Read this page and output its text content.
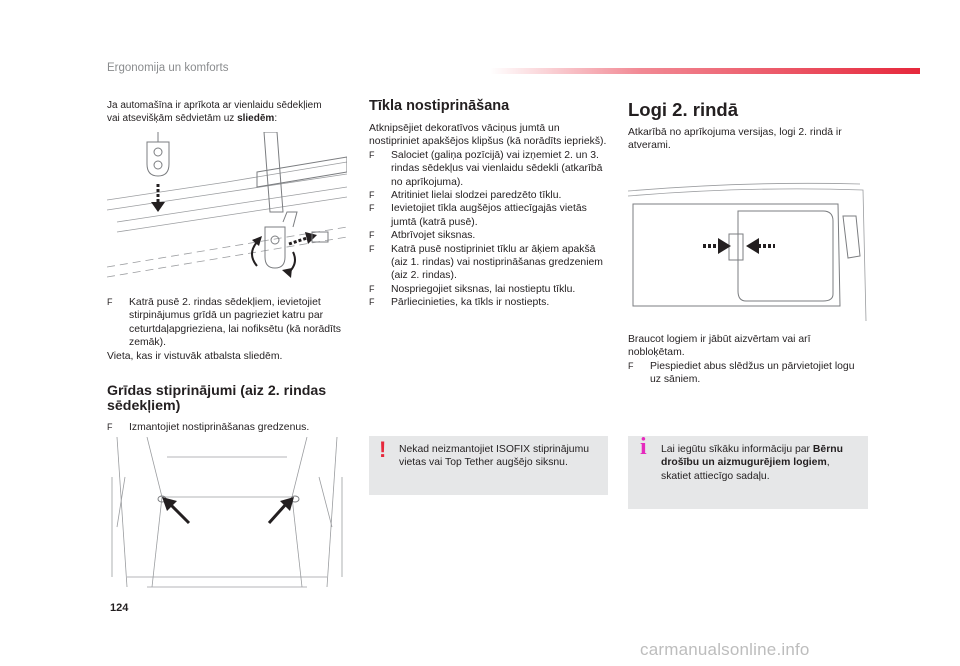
Ergonomija un komforts

Ja automašīna ir aprīkota ar vienlaidu sēdekļiem

vai atsevišķām sēdvietām uz sliedēm:

F Katrā pusē 2. rindas sēdekļiem, ievietojiet stirpinājumus grīdā un pagrieziet katru par ceturtdaļapgriezienа, lai nofiksētu (kā norādīts zemāk).

Vieta, kas ir vistuvāk atbalsta sliedēm.

Grīdas stiprinājumi (aiz 2. rindas sēdekļiem)

F Izmantojiet nostiprināšanas gredzenus.

Tīkla nostiprināšana

Atknipsējiet dekoratīvos vāciņus jumtā un nostipriniet apakšējos klipšus (kā norādīts iepriekš).

F Salociet (galiņa pozīcijā) vai izņemiet 2. un 3. rindas sēdekļus vai vienlaidu sēdekli (atkarībā no aprīkojuma).

F Atritiniet lielai slodzei paredzēto tīklu.

F Ievietojiet tīkla augšējos attiecīgajās vietās jumtā (katrā pusē).

F Atbrīvojet siksnas.

F Katrā pusē nostipriniet tīklu ar āķiem apakšā (aiz 1. rindas) vai nostiprināšanas gredzeniem (aiz 2. rindas).

F Nospriegojiet siksnas, lai nostieptu tīklu.

F Pārliecinieties, ka tīkls ir nostiepts.

! Nekad neizmantojiet ISOFIX stiprinājumu vietas vai Top Tether augšējo siksnu.
Logi 2. rindā

Atkarībā no aprīkojuma versijas, logi 2. rindā ir atverami.

Braucot logiem ir jābūt aizvērtam vai arī nobloķētam.

F Piespiediet abus slēdžus un pārvietojiet logu uz sāniem.

i Lai iegūtu sīkāku informāciju par Bērnu drošību un aizmugurējiem logiem, skatiet attiecīgo sadaļu.
124
carmanualsonline.info
